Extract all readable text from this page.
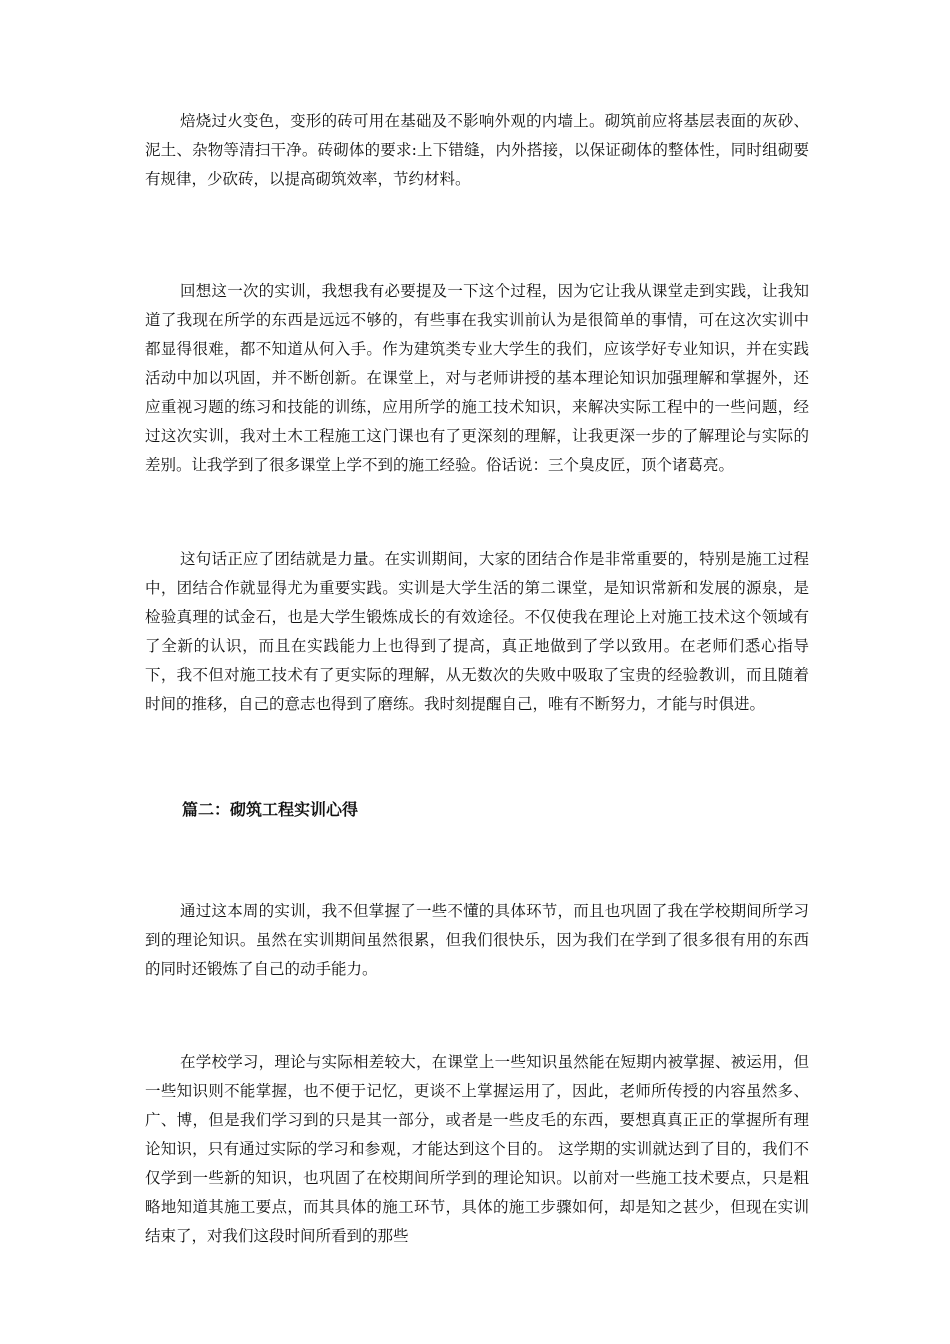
焙烧过火变色，变形的砖可用在基础及不影响外观的内墙上。砌筑前应将基层表面的灰砂、泥土、杂物等清扫干净。砖砌体的要求:上下错缝，内外搭接，以保证砌体的整体性，同时组砌要有规律，少砍砖，以提高砌筑效率，节约材料。

回想这一次的实训，我想我有必要提及一下这个过程，因为它让我从课堂走到实践，让我知道了我现在所学的东西是远远不够的，有些事在我实训前认为是很简单的事情，可在这次实训中都显得很难，都不知道从何入手。作为建筑类专业大学生的我们，应该学好专业知识，并在实践活动中加以巩固，并不断创新。在课堂上，对与老师讲授的基本理论知识加强理解和掌握外，还应重视习题的练习和技能的训练，应用所学的施工技术知识，来解决实际工程中的一些问题，经过这次实训，我对土木工程施工这门课也有了更深刻的理解，让我更深一步的了解理论与实际的差别。让我学到了很多课堂上学不到的施工经验。俗话说：三个臭皮匠，顶个诸葛亮。

这句话正应了团结就是力量。在实训期间，大家的团结合作是非常重要的，特别是施工过程中，团结合作就显得尤为重要实践。实训是大学生活的第二课堂，是知识常新和发展的源泉，是检验真理的试金石，也是大学生锻炼成长的有效途径。不仅使我在理论上对施工技术这个领域有了全新的认识，而且在实践能力上也得到了提高，真正地做到了学以致用。在老师们悉心指导下，我不但对施工技术有了更实际的理解，从无数次的失败中吸取了宝贵的经验教训，而且随着时间的推移，自己的意志也得到了磨练。我时刻提醒自己，唯有不断努力，才能与时俱进。

篇二：砌筑工程实训心得

通过这本周的实训，我不但掌握了一些不懂的具体环节，而且也巩固了我在学校期间所学习到的理论知识。虽然在实训期间虽然很累，但我们很快乐，因为我们在学到了很多很有用的东西的同时还锻炼了自己的动手能力。

在学校学习，理论与实际相差较大，在课堂上一些知识虽然能在短期内被掌握、被运用，但一些知识则不能掌握，也不便于记忆，更谈不上掌握运用了，因此，老师所传授的内容虽然多、广、博，但是我们学习到的只是其一部分，或者是一些皮毛的东西，要想真真正正的掌握所有理论知识，只有通过实际的学习和参观，才能达到这个目的。 这学期的实训就达到了目的，我们不仅学到一些新的知识，也巩固了在校期间所学到的理论知识。以前对一些施工技术要点，只是粗略地知道其施工要点，而其具体的施工环节，具体的施工步骤如何，却是知之甚少，但现在实训结束了，对我们这段时间所看到的那些
